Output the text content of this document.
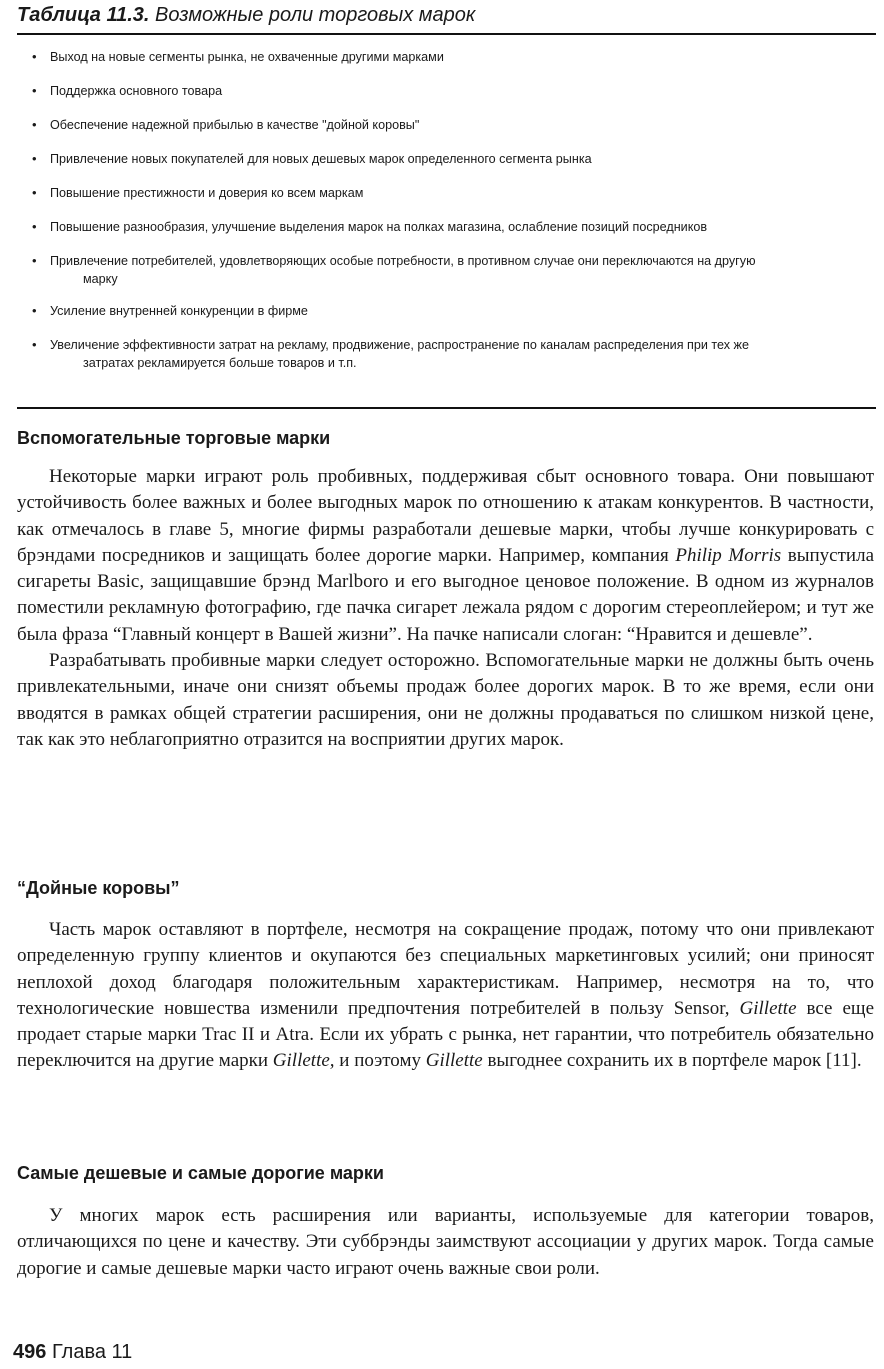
Таблица 11.3. Возможные роли торговых марок
• Выход на новые сегменты рынка, не охваченные другими марками
• Поддержка основного товара
• Обеспечение надежной прибылью в качестве "дойной коровы"
• Привлечение новых покупателей для новых дешевых марок определенного сегмента рынка
• Повышение престижности и доверия ко всем маркам
• Повышение разнообразия, улучшение выделения марок на полках магазина, ослабление позиций посредников
• Привлечение потребителей, удовлетворяющих особые потребности, в противном случае они переключаются на другую
марку
• Усиление внутренней конкуренции в фирме
• Увеличение эффективности затрат на рекламу, продвижение, распространение по каналам распределения при тех же
затратах рекламируется больше товаров и т.п.
Вспомогательные торговые марки

Некоторые марки играют роль пробивных, поддерживая сбыт основного товара. Они повышают устойчивость более важных и более выгодных марок по отношению к атакам конкурентов. В частности, как отмечалось в главе 5, многие фирмы разработали дешевые марки, чтобы лучше конкурировать с брэндами посредников и защищать более дорогие марки. Например, компания Philip Morris выпустила сигареты Basic, защищавшие брэнд Marlboro и его выгодное ценовое положение. В одном из журналов поместили рекламную фотографию, где пачка сигарет лежала рядом с дорогим стереоплейером; и тут же была фраза “Главный концерт в Вашей жизни”. На пачке написали слоган: “Нравится и дешевле”.

Разрабатывать пробивные марки следует осторожно. Вспомогательные марки не должны быть очень привлекательными, иначе они снизят объемы продаж более дорогих марок. В то же время, если они вводятся в рамках общей стратегии расширения, они не должны продаваться по слишком низкой цене, так как это неблагоприятно отразится на восприятии других марок.

“Дойные коровы”

Часть марок оставляют в портфеле, несмотря на сокращение продаж, потому что они привлекают определенную группу клиентов и окупаются без специальных маркетинговых усилий; они приносят неплохой доход благодаря положительным характеристикам. Например, несмотря на то, что технологические новшества изменили предпочтения потребителей в пользу Sensor, Gillette все еще продает старые марки Trac II и Atra. Если их убрать с рынка, нет гарантии, что потребитель обязательно переключится на другие марки Gillette, и поэтому Gillette выгоднее сохранить их в портфеле марок [11].

Самые дешевые и самые дорогие марки

У многих марок есть расширения или варианты, используемые для категории товаров, отличающихся по цене и качеству. Эти суббрэнды заимствуют ассоциации у других марок. Тогда самые дорогие и самые дешевые марки часто играют очень важные свои роли.

496 Глава 11
